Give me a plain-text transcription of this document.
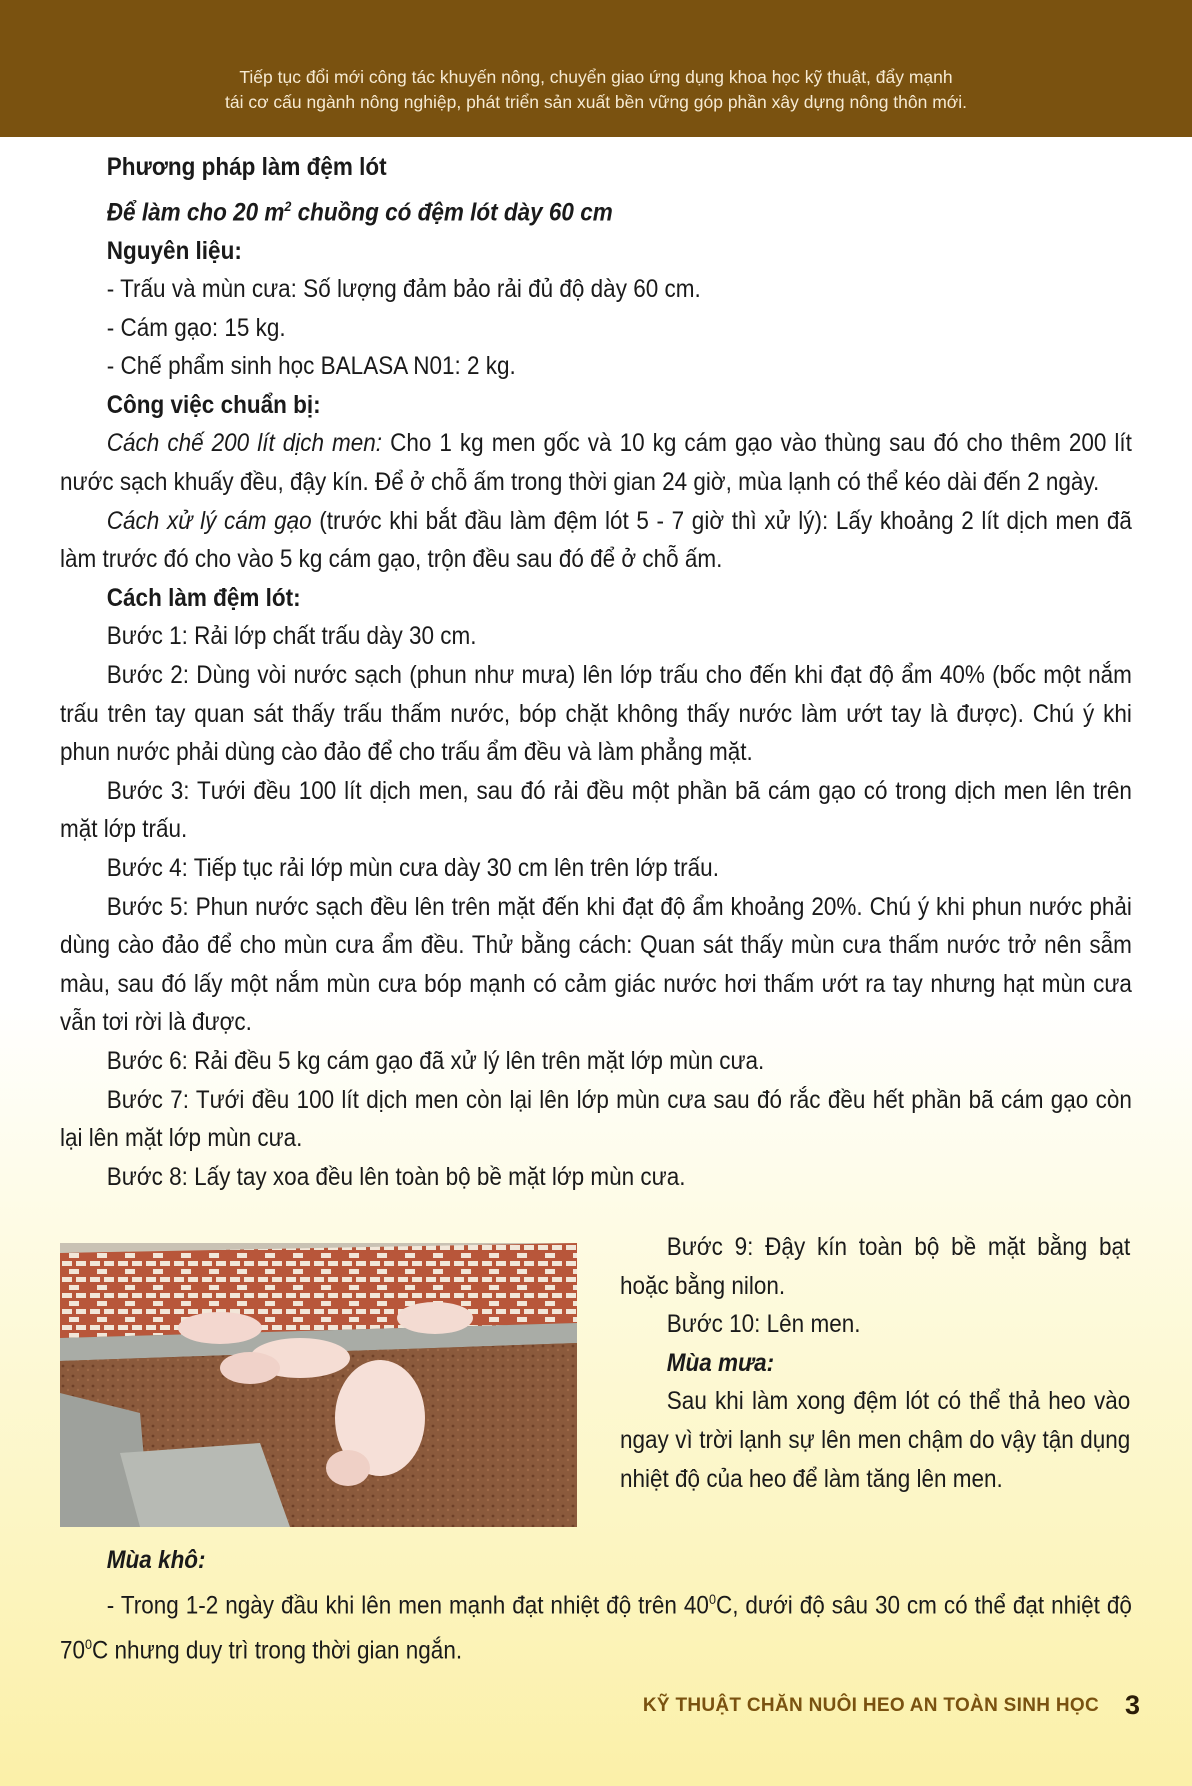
Tiếp tục đổi mới công tác khuyến nông, chuyển giao ứng dụng khoa học kỹ thuật, đẩy mạnh

tái cơ cấu ngành nông nghiệp, phát triển sản xuất bền vững góp phần xây dựng nông thôn mới.

Phương pháp làm đệm lót

Để làm cho 20 $m^2$ chuồng có đệm lót dày 60 cm

Nguyên liệu:

- Trấu và mùn cưa: Số lượng đảm bảo rải đủ độ dày 60 cm.

- Cám gạo: 15 kg.

- Chế phẩm sinh học BALASA N01: 2 kg.

Công việc chuẩn bị:

Cách chế 200 lít dịch men: Cho 1 kg men gốc và 10 kg cám gạo vào thùng sau đó cho thêm 200 lít nước sạch khuấy đều, đậy kín. Để ở chỗ ấm trong thời gian 24 giờ, mùa lạnh có thể kéo dài đến 2 ngày.

Cách xử lý cám gạo (trước khi bắt đầu làm đệm lót 5 - 7 giờ thì xử lý): Lấy khoảng 2 lít dịch men đã làm trước đó cho vào 5 kg cám gạo, trộn đều sau đó để ở chỗ ấm.

Cách làm đệm lót:

Bước 1: Rải lớp chất trấu dày 30 cm.

Bước 2: Dùng vòi nước sạch (phun như mưa) lên lớp trấu cho đến khi đạt độ ẩm 40% (bốc một nắm trấu trên tay quan sát thấy trấu thấm nước, bóp chặt không thấy nước làm ướt tay là được). Chú ý khi phun nước phải dùng cào đảo để cho trấu ẩm đều và làm phẳng mặt.

Bước 3: Tưới đều 100 lít dịch men, sau đó rải đều một phần bã cám gạo có trong dịch men lên trên mặt lớp trấu.

Bước 4: Tiếp tục rải lớp mùn cưa dày 30 cm lên trên lớp trấu.

Bước 5: Phun nước sạch đều lên trên mặt đến khi đạt độ ẩm khoảng 20%. Chú ý khi phun nước phải dùng cào đảo để cho mùn cưa ẩm đều. Thử bằng cách: Quan sát thấy mùn cưa thấm nước trở nên sẫm màu, sau đó lấy một nắm mùn cưa bóp mạnh có cảm giác nước hơi thấm ướt ra tay nhưng hạt mùn cưa vẫn tơi rời là được.

Bước 6: Rải đều 5 kg cám gạo đã xử lý lên trên mặt lớp mùn cưa.

Bước 7: Tưới đều 100 lít dịch men còn lại lên lớp mùn cưa sau đó rắc đều hết phần bã cám gạo còn lại lên mặt lớp mùn cưa.

Bước 8: Lấy tay xoa đều lên toàn bộ bề mặt lớp mùn cưa.

Bước 9: Đậy kín toàn bộ bề mặt bằng bạt hoặc bằng nilon.

Bước 10: Lên men.

Mùa mưa:

Sau khi làm xong đệm lót có thể thả heo vào ngay vì trời lạnh sự lên men chậm do vậy tận dụng nhiệt độ của heo để làm tăng lên men.

Mùa khô:

- Trong 1-2 ngày đầu khi lên men mạnh đạt nhiệt độ trên $40^0C$, dưới độ sâu 30 cm có thể đạt nhiệt độ $70^0C$ nhưng duy trì trong thời gian ngắn.

KỸ THUẬT CHĂN NUÔI HEO AN TOÀN SINH HỌC 3
